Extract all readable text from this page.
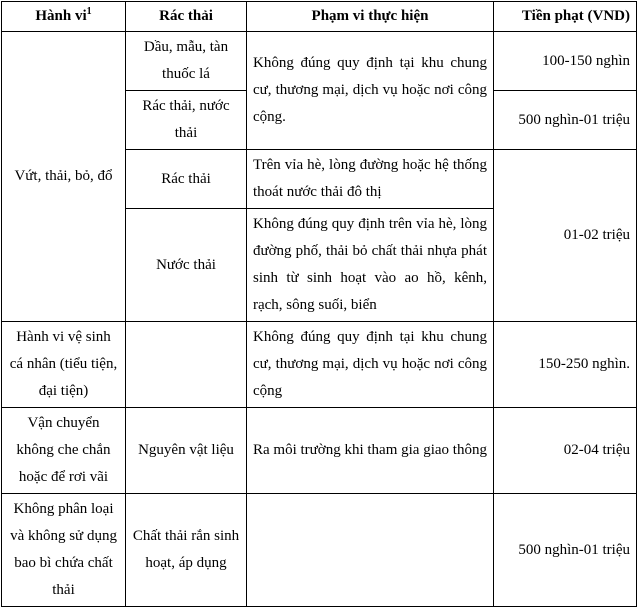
Hành $vi^1$	Rác thải	Phạm vi thực hiện	Tiền phạt (VND)
Vứt, thải, bỏ, đổ	Dầu, mẫu, tàn thuốc lá	Không đúng quy định tại khu chung cư, thương mại, dịch vụ hoặc nơi công cộng.	100-150 nghìn
	Rác thải, nước thải		500 nghìn-01 triệu
	Rác thải	Trên vỉa hè, lòng đường hoặc hệ thống thoát nước thải đô thị	01-02 triệu
	Nước thải	Không đúng quy định trên vỉa hè, lòng đường phố, thải bỏ chất thải nhựa phát sinh từ sinh hoạt vào ao hồ, kênh, rạch, sông suối, biển	
Hành vi vệ sinh cá nhân (tiểu tiện, đại tiện)		Không đúng quy định tại khu chung cư, thương mại, dịch vụ hoặc nơi công cộng	150-250 nghìn.
Vận chuyển không che chắn hoặc để rơi vãi	Nguyên vật liệu	Ra môi trường khi tham gia giao thông	02-04 triệu
Không phân loại và không sử dụng bao bì chứa chất thải	Chất thải rắn sinh hoạt, áp dụng		500 nghìn-01 triệu
